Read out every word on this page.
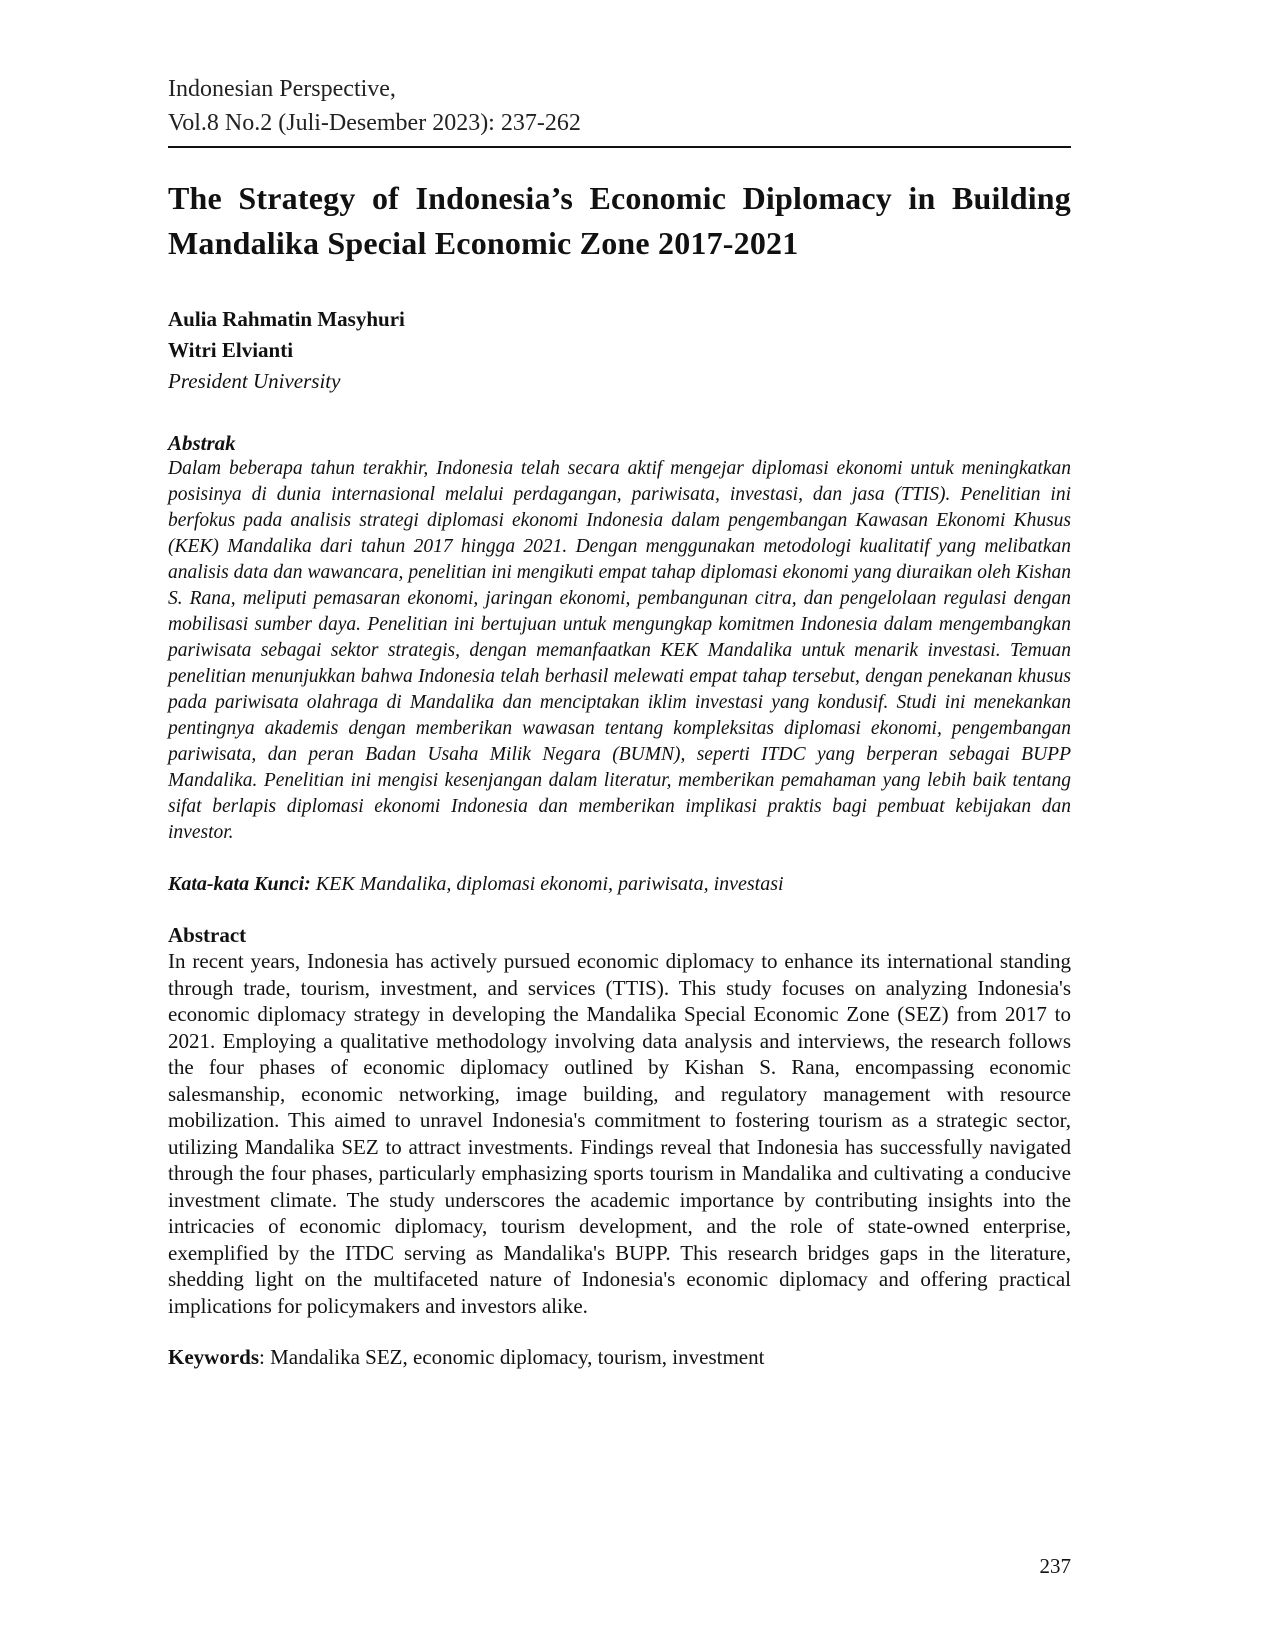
Indonesian Perspective,
Vol.8 No.2 (Juli-Desember 2023): 237-262
The Strategy of Indonesia’s Economic Diplomacy in Building Mandalika Special Economic Zone 2017-2021
Aulia Rahmatin Masyhuri
Witri Elvianti
President University
Abstrak

Dalam beberapa tahun terakhir, Indonesia telah secara aktif mengejar diplomasi ekonomi untuk meningkatkan posisinya di dunia internasional melalui perdagangan, pariwisata, investasi, dan jasa (TTIS). Penelitian ini berfokus pada analisis strategi diplomasi ekonomi Indonesia dalam pengembangan Kawasan Ekonomi Khusus (KEK) Mandalika dari tahun 2017 hingga 2021. Dengan menggunakan metodologi kualitatif yang melibatkan analisis data dan wawancara, penelitian ini mengikuti empat tahap diplomasi ekonomi yang diuraikan oleh Kishan S. Rana, meliputi pemasaran ekonomi, jaringan ekonomi, pembangunan citra, dan pengelolaan regulasi dengan mobilisasi sumber daya. Penelitian ini bertujuan untuk mengungkap komitmen Indonesia dalam mengembangkan pariwisata sebagai sektor strategis, dengan memanfaatkan KEK Mandalika untuk menarik investasi. Temuan penelitian menunjukkan bahwa Indonesia telah berhasil melewati empat tahap tersebut, dengan penekanan khusus pada pariwisata olahraga di Mandalika dan menciptakan iklim investasi yang kondusif. Studi ini menekankan pentingnya akademis dengan memberikan wawasan tentang kompleksitas diplomasi ekonomi, pengembangan pariwisata, dan peran Badan Usaha Milik Negara (BUMN), seperti ITDC yang berperan sebagai BUPP Mandalika. Penelitian ini mengisi kesenjangan dalam literatur, memberikan pemahaman yang lebih baik tentang sifat berlapis diplomasi ekonomi Indonesia dan memberikan implikasi praktis bagi pembuat kebijakan dan investor.

Kata-kata Kunci: KEK Mandalika, diplomasi ekonomi, pariwisata, investasi
Abstract

In recent years, Indonesia has actively pursued economic diplomacy to enhance its international standing through trade, tourism, investment, and services (TTIS). This study focuses on analyzing Indonesia's economic diplomacy strategy in developing the Mandalika Special Economic Zone (SEZ) from 2017 to 2021. Employing a qualitative methodology involving data analysis and interviews, the research follows the four phases of economic diplomacy outlined by Kishan S. Rana, encompassing economic salesmanship, economic networking, image building, and regulatory management with resource mobilization. This aimed to unravel Indonesia's commitment to fostering tourism as a strategic sector, utilizing Mandalika SEZ to attract investments. Findings reveal that Indonesia has successfully navigated through the four phases, particularly emphasizing sports tourism in Mandalika and cultivating a conducive investment climate. The study underscores the academic importance by contributing insights into the intricacies of economic diplomacy, tourism development, and the role of state-owned enterprise, exemplified by the ITDC serving as Mandalika's BUPP. This research bridges gaps in the literature, shedding light on the multifaceted nature of Indonesia's economic diplomacy and offering practical implications for policymakers and investors alike.

Keywords: Mandalika SEZ, economic diplomacy, tourism, investment
237
